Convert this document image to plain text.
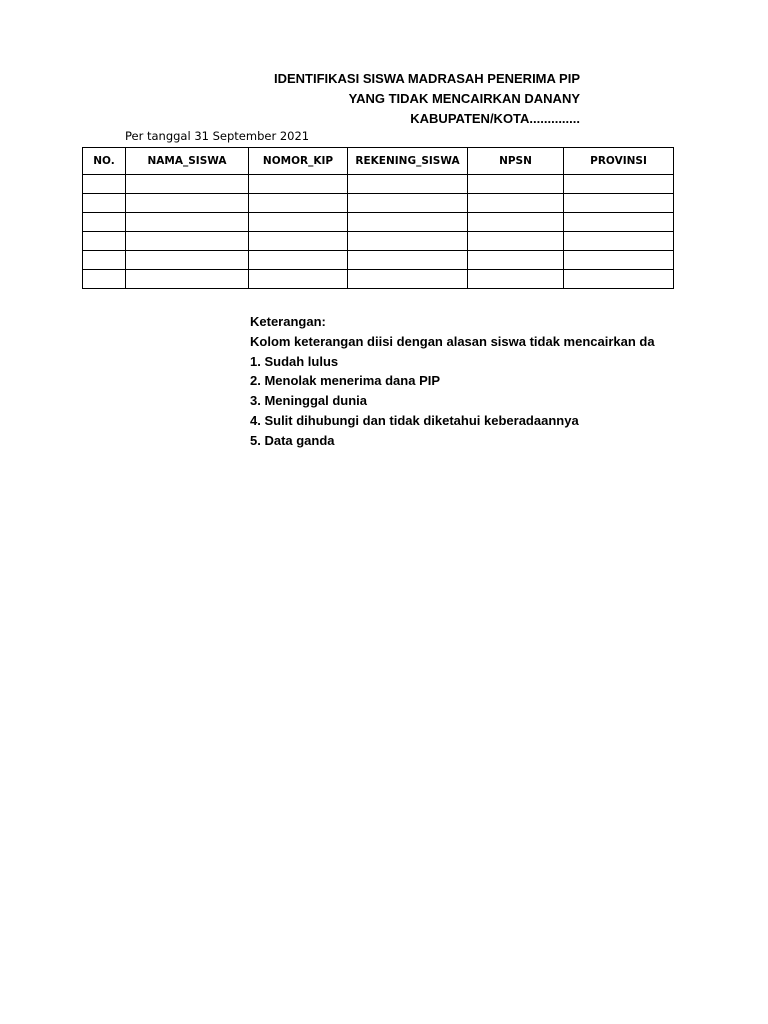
IDENTIFIKASI SISWA MADRASAH PENERIMA PIP
YANG TIDAK MENCAIRKAN DANANY
KABUPATEN/KOTA..............
Per tanggal 31 September 2021
NO.	NAMA_SISWA	NOMOR_KIP	REKENING_SISWA	NPSN	PROVINSI

Keterangan:
Kolom keterangan diisi dengan alasan siswa tidak mencairkan da
1. Sudah lulus
2. Menolak menerima dana PIP
3. Meninggal dunia
4. Sulit dihubungi dan tidak diketahui keberadaannya
5. Data ganda
